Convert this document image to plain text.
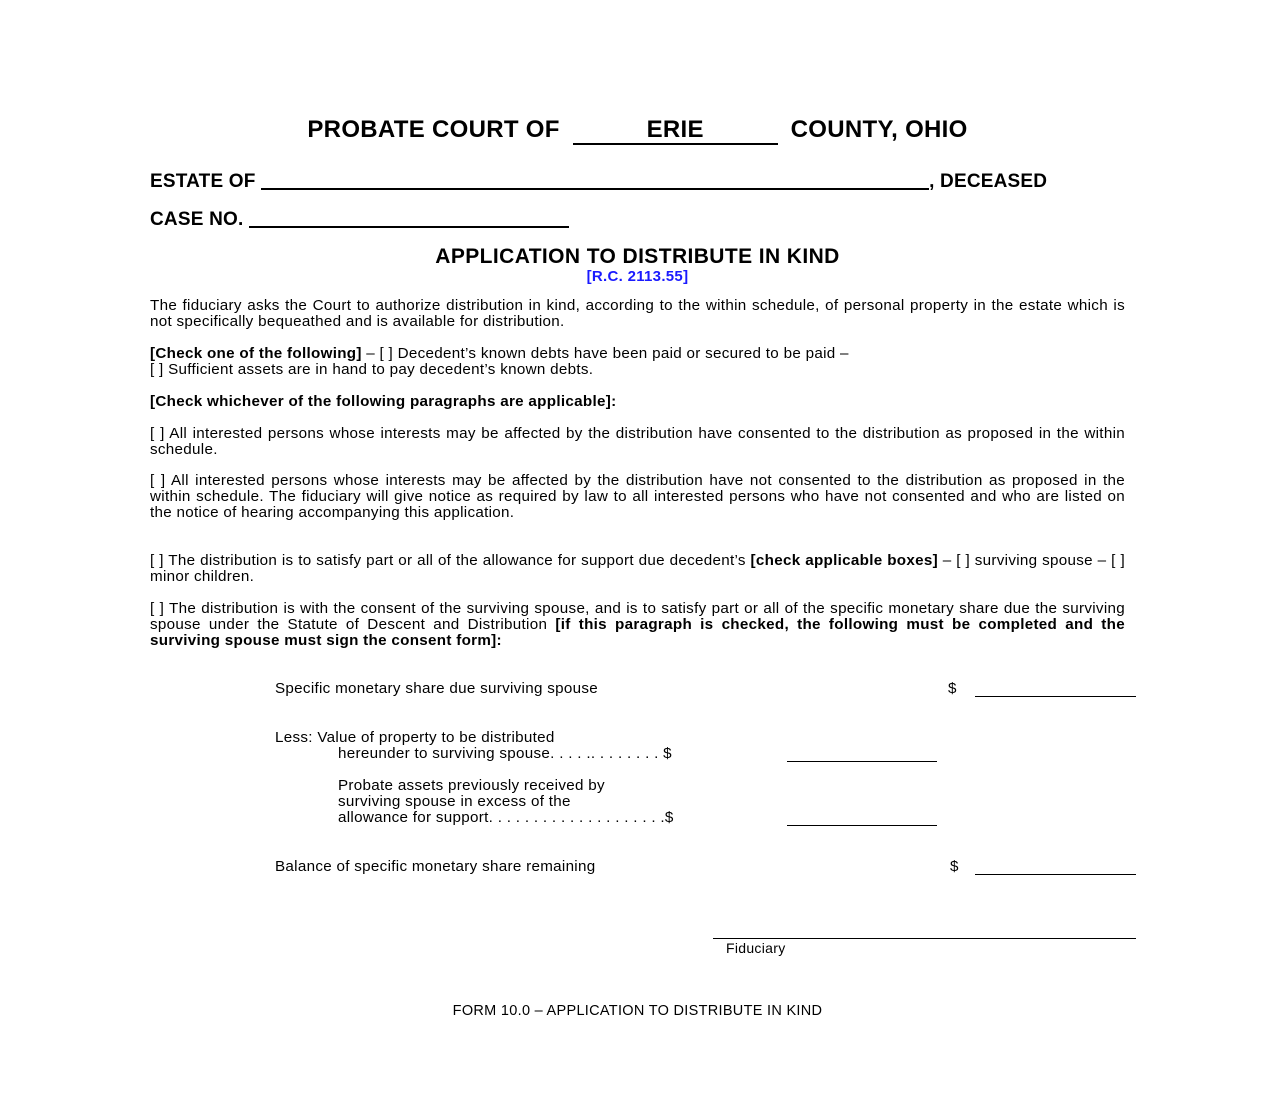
PROBATE COURT OF	ERIE	COUNTY, OHIO
ESTATE OF	, DECEASED
CASE NO.
APPLICATION TO DISTRIBUTE IN KIND
[R.C. 2113.55]
The fiduciary asks the Court to authorize distribution in kind, according to the within schedule, of personal property in the estate which is not specifically bequeathed and is available for distribution.
[Check one of the following] – [ ] Decedent’s known debts have been paid or secured to be paid –
[ ] Sufficient assets are in hand to pay decedent’s known debts.
[Check whichever of the following paragraphs are applicable]:
[ ] All interested persons whose interests may be affected by the distribution have consented to the distribution as proposed in the within schedule.
[ ] All interested persons whose interests may be affected by the distribution have not consented to the distribution as proposed in the within schedule. The fiduciary will give notice as required by law to all interested persons who have not consented and who are listed on the notice of hearing accompanying this application.
[ ] The distribution is to satisfy part or all of the allowance for support due decedent’s [check applicable boxes] – [ ] surviving spouse – [ ] minor children.
[ ] The distribution is with the consent of the surviving spouse, and is to satisfy part or all of the specific monetary share due the surviving spouse under the Statute of Descent and Distribution [if this paragraph is checked, the following must be completed and the surviving spouse must sign the consent form]:
Specific monetary share due surviving spouse	$
Less: Value of property to be distributed
hereunder to surviving spouse. . . . .. . . . . . . . $
Probate assets previously received by
surviving spouse in excess of the
allowance for support. . . . . . . . . . . . . . . . . . . .$
Balance of specific monetary share remaining	$
Fiduciary
FORM 10.0 – APPLICATION TO DISTRIBUTE IN KIND
